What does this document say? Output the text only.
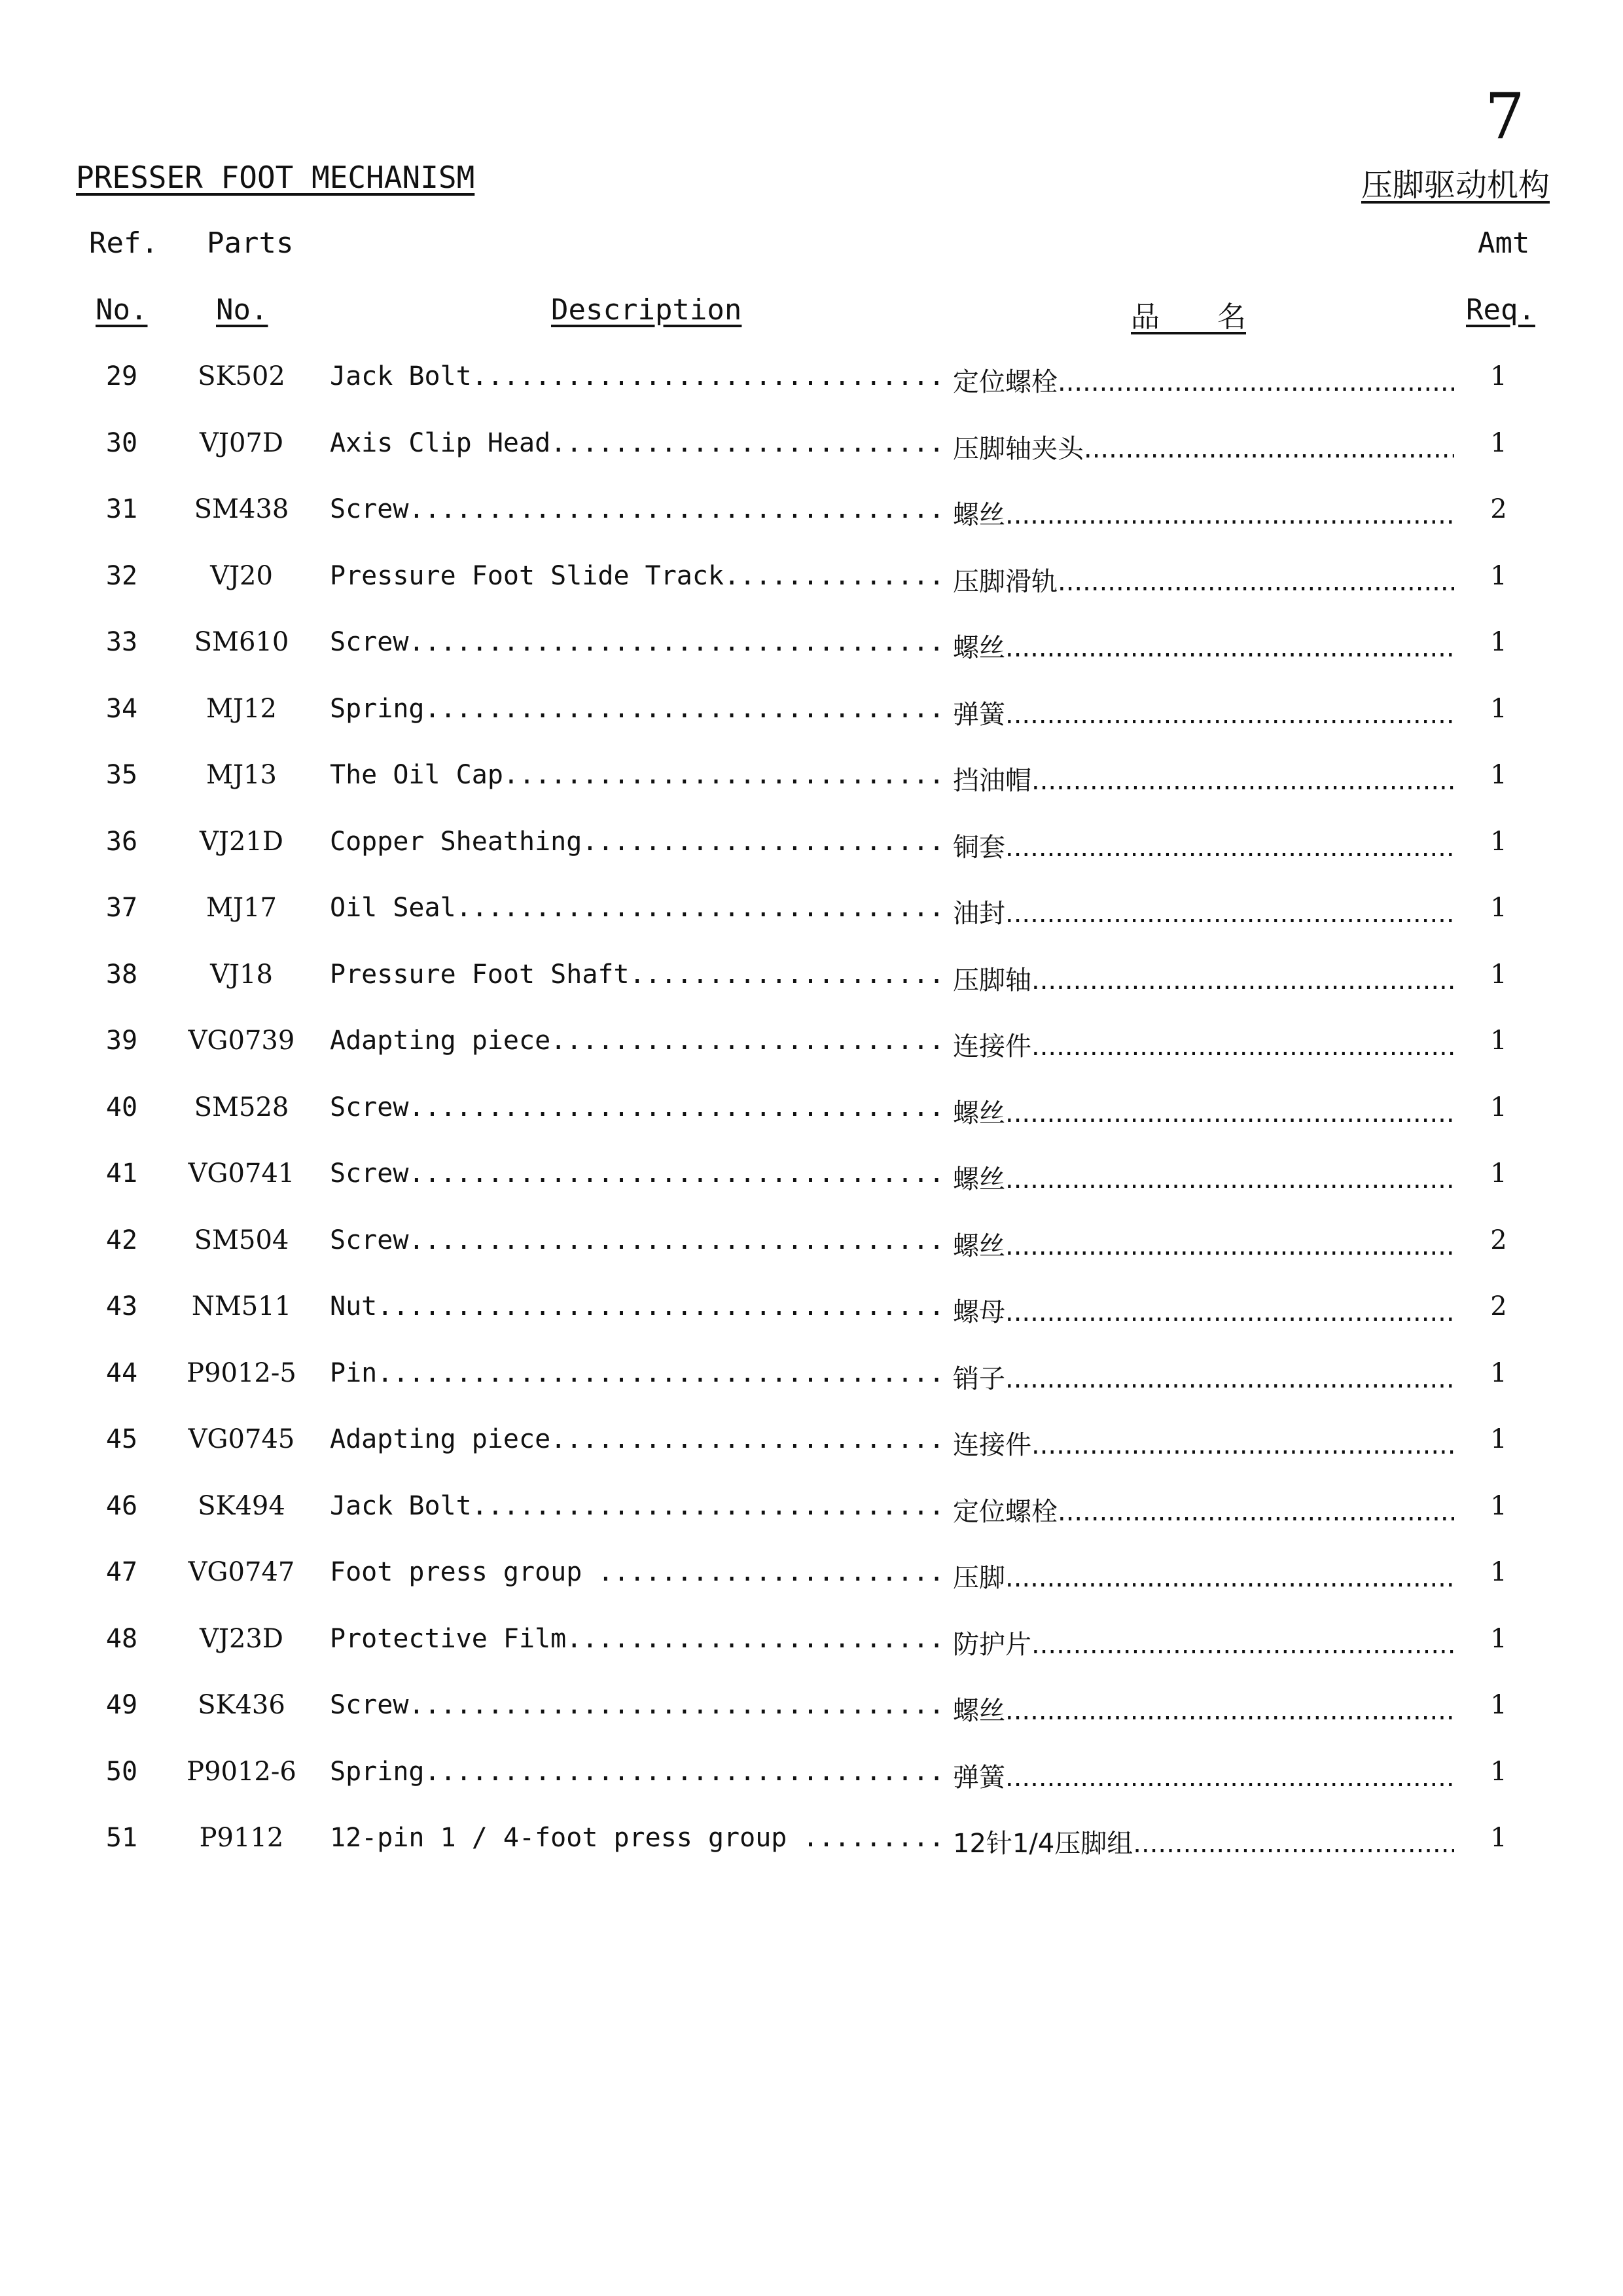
7
PRESSER FOOT MECHANISM	压脚驱动机构
Ref. Parts	Amt
No. No.	Description	品　　名	Req.
29	SK502	Jack Bolt .....	定位螺栓 .....	1
30	VJ07D	Axis Clip Head .....	压脚轴夹头 .....	1
31	SM438	Screw .....	螺丝 .....	2
32	VJ20	Pressure Foot Slide Track .....	压脚滑轨 .....	1
33	SM610	Screw .....	螺丝 .....	1
34	MJ12	Spring .....	弹簧 .....	1
35	MJ13	The Oil Cap .....	挡油帽 .....	1
36	VJ21D	Copper Sheathing .....	铜套 .....	1
37	MJ17	Oil Seal .....	油封 .....	1
38	VJ18	Pressure Foot Shaft .....	压脚轴 .....	1
39 VG0739 Adapting piece .....	连接件 .....	1
40	SM528	Screw .....	螺丝 .....	1
41 VG0741 Screw .....	螺丝 .....	1
42	SM504	Screw .....	螺丝 .....	2
43	NM511	Nut .....	螺母 .....	2
44 P9012-5 Pin .....	销子 .....	1
45 VG0745 Adapting piece .....	连接件 .....	1
46	SK494	Jack Bolt .....	定位螺栓 .....	1
47 VG0747 Foot press group .....	压脚 .....	1
48	VJ23D	Protective Film .....	防护片 .....	1
49	SK436	Screw .....	螺丝 .....	1
50 P9012-6 Spring .....	弹簧 .....	1
51	P9112	12-pin 1 / 4-foot press group .....	12针1/4压脚组 .....	1
